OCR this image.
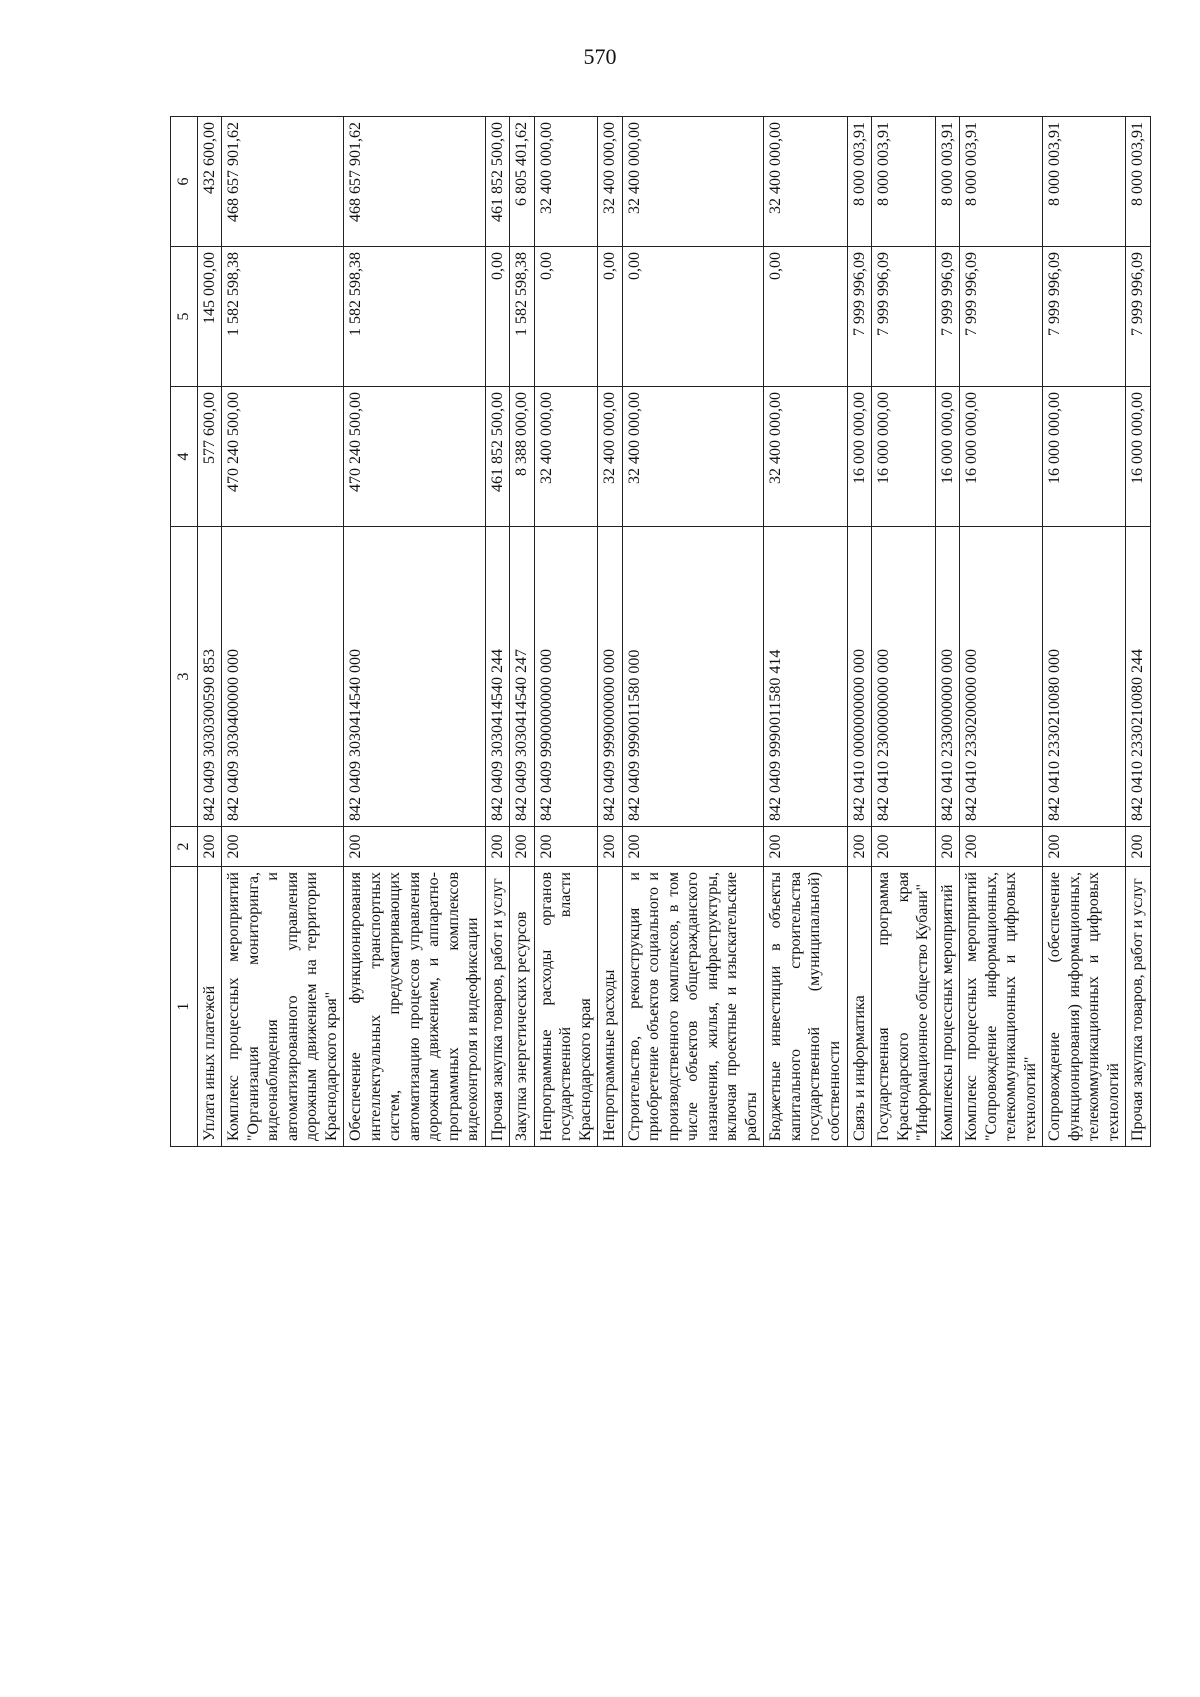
570
1	2	3	4	5	6
Уплата иных платежей	200	842 0409 3030300590 853	577 600,00	145 000,00	432 600,00
Комплекс процессных мероприятий "Организация мониторинга, видеонаблюдения и автоматизированного управления дорожным движением на территории Краснодарского края"	200	842 0409 3030400000 000	470 240 500,00	1 582 598,38	468 657 901,62
Обеспечение функционирования интеллектуальных транспортных систем, предусматривающих автоматизацию процессов управления дорожным движением, и аппаратно-программных комплексов видеоконтроля и видеофиксации	200	842 0409 3030414540 000	470 240 500,00	1 582 598,38	468 657 901,62
Прочая закупка товаров, работ и услуг	200	842 0409 3030414540 244	461 852 500,00	0,00	461 852 500,00
Закупка энергетических ресурсов	200	842 0409 3030414540 247	8 388 000,00	1 582 598,38	6 805 401,62
Непрограммные расходы органов государственной власти Краснодарского края	200	842 0409 9900000000 000	32 400 000,00	0,00	32 400 000,00
Непрограммные расходы	200	842 0409 9990000000 000	32 400 000,00	0,00	32 400 000,00
Строительство, реконструкция и приобретение объектов социального и производственного комплексов, в том числе объектов общегражданского назначения, жилья, инфраструктуры, включая проектные и изыскательские работы	200	842 0409 9990011580 000	32 400 000,00	0,00	32 400 000,00
Бюджетные инвестиции в объекты капитального строительства государственной (муниципальной) собственности	200	842 0409 9990011580 414	32 400 000,00	0,00	32 400 000,00
Связь и информатика	200	842 0410 0000000000 000	16 000 000,00	7 999 996,09	8 000 003,91
Государственная программа Краснодарского края "Информационное общество Кубани"	200	842 0410 2300000000 000	16 000 000,00	7 999 996,09	8 000 003,91
Комплексы процессных мероприятий	200	842 0410 2330000000 000	16 000 000,00	7 999 996,09	8 000 003,91
Комплекс процессных мероприятий "Сопровождение информационных, телекоммуникационных и цифровых технологий"	200	842 0410 2330200000 000	16 000 000,00	7 999 996,09	8 000 003,91
Сопровождение (обеспечение функционирования) информационных, телекоммуникационных и цифровых технологий	200	842 0410 2330210080 000	16 000 000,00	7 999 996,09	8 000 003,91
Прочая закупка товаров, работ и услуг	200	842 0410 2330210080 244	16 000 000,00	7 999 996,09	8 000 003,91
